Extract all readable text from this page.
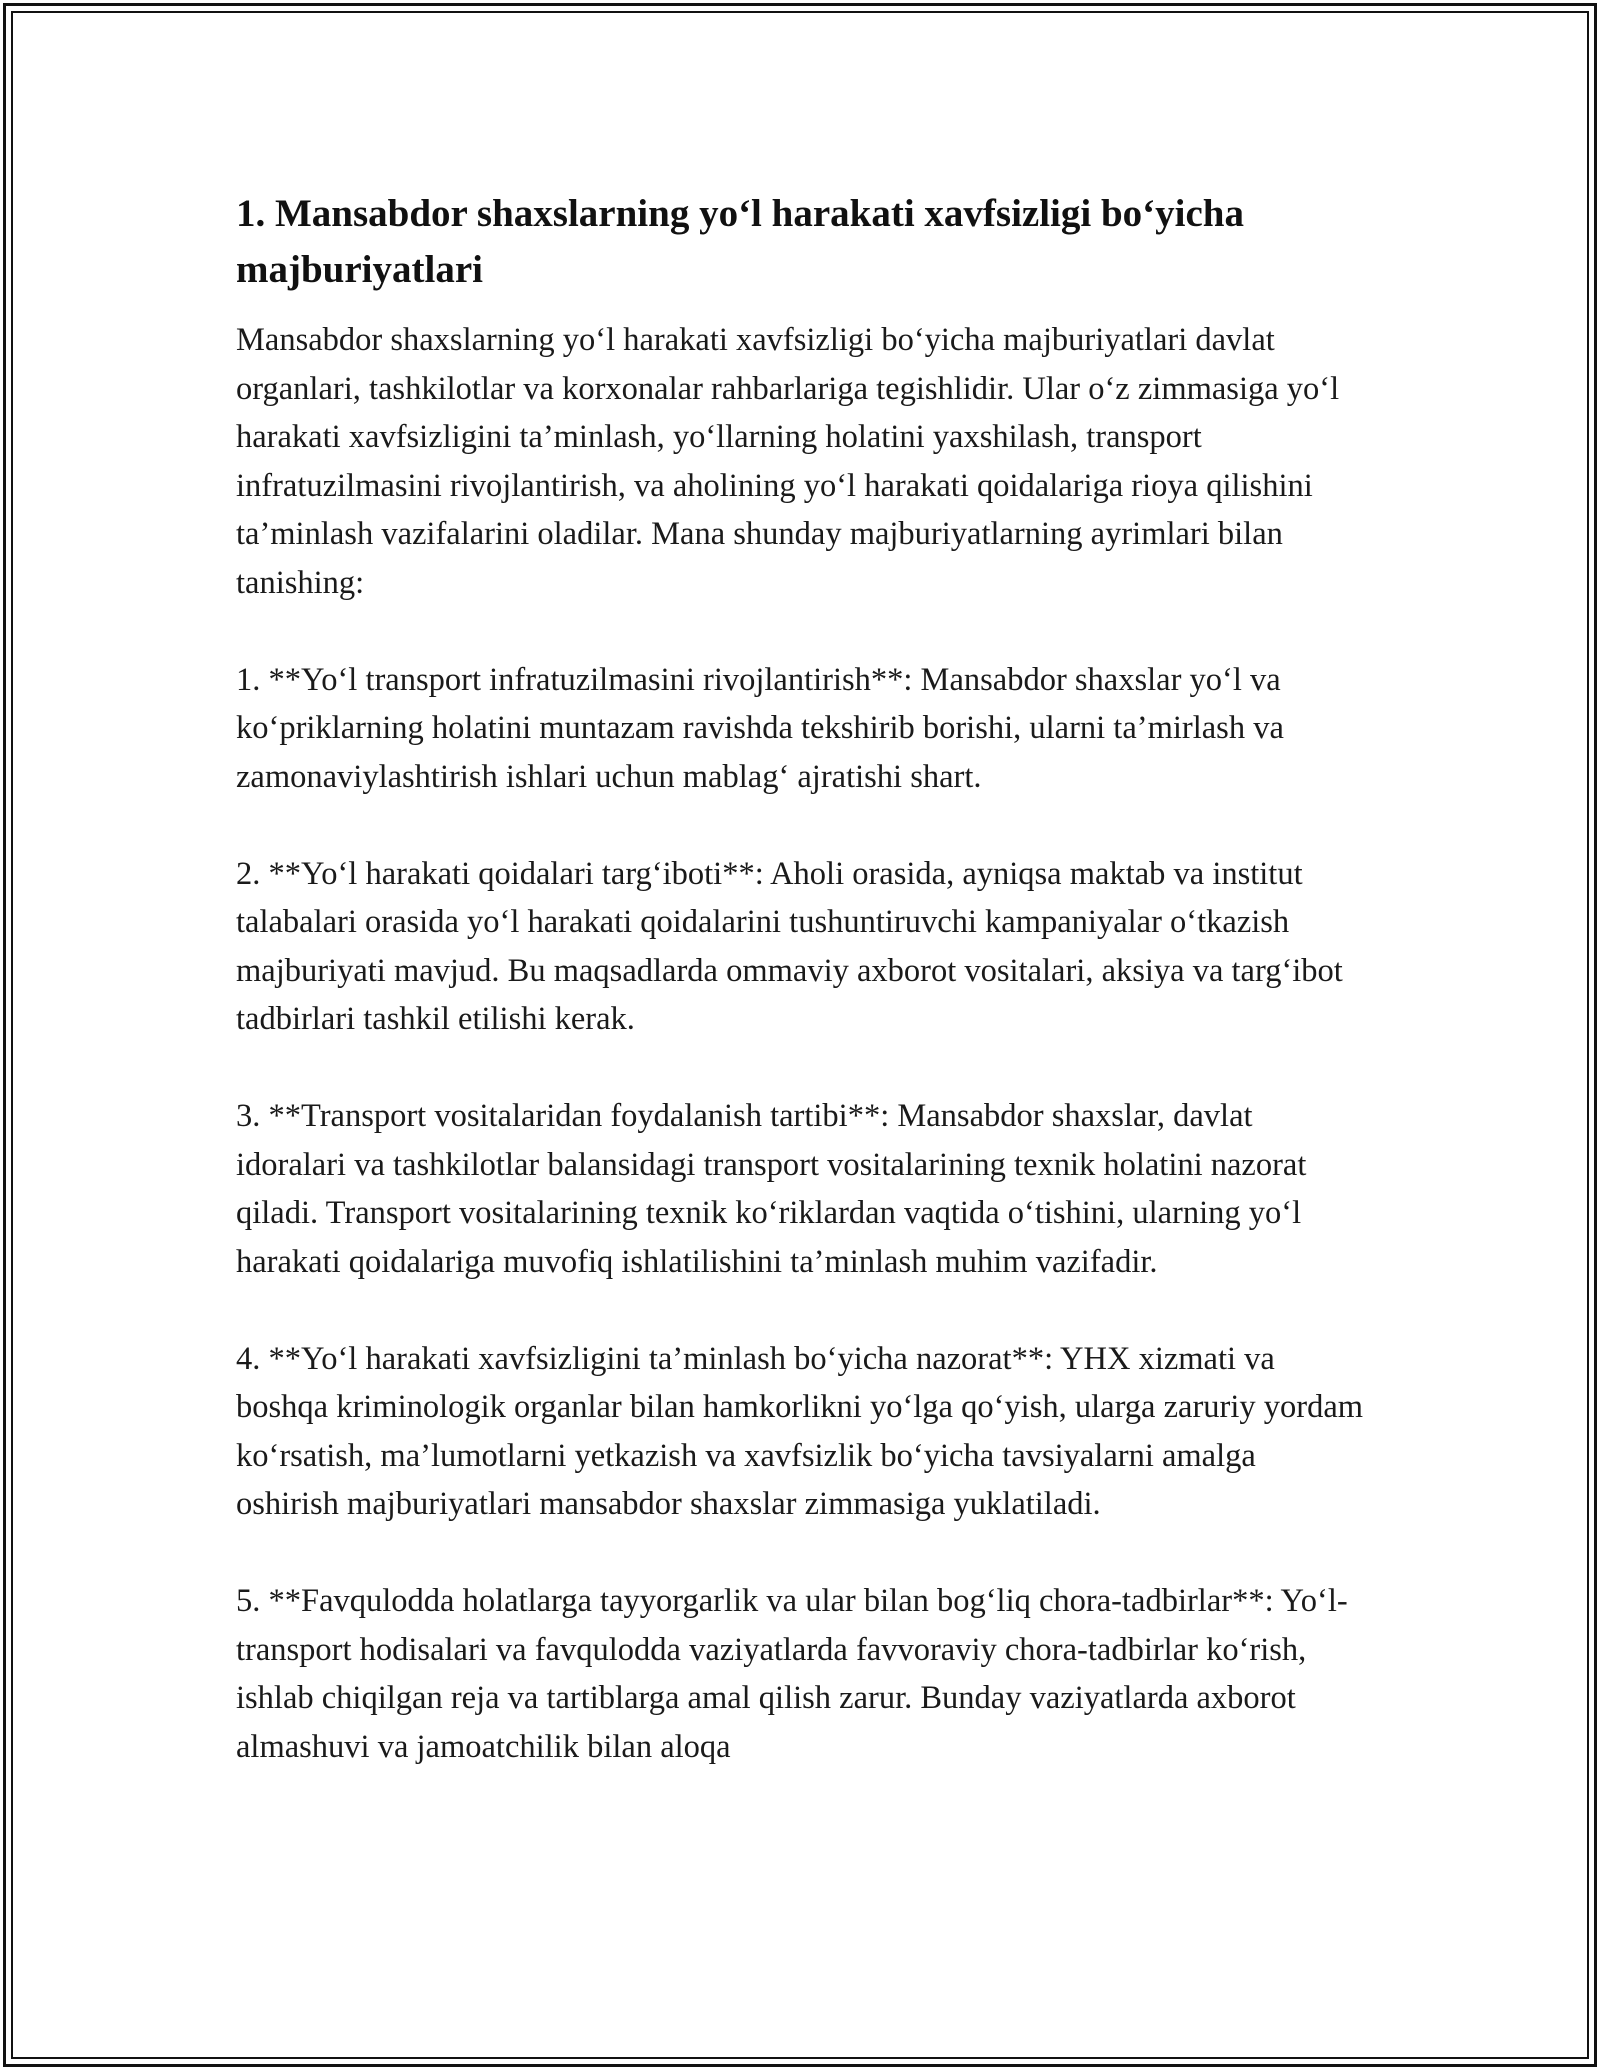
1. Mansabdor shaxslarning yo‘l harakati xavfsizligi bo‘yicha majburiyatlari

Mansabdor shaxslarning yo‘l harakati xavfsizligi bo‘yicha majburiyatlari davlat organlari, tashkilotlar va korxonalar rahbarlariga tegishlidir. Ular o‘z zimmasiga yo‘l harakati xavfsizligini ta’minlash, yo‘llarning holatini yaxshilash, transport infratuzilmasini rivojlantirish, va aholining yo‘l harakati qoidalariga rioya qilishini ta’minlash vazifalarini oladilar. Mana shunday majburiyatlarning ayrimlari bilan tanishing:

1. **Yo‘l transport infratuzilmasini rivojlantirish**: Mansabdor shaxslar yo‘l va ko‘priklarning holatini muntazam ravishda tekshirib borishi, ularni ta’mirlash va zamonaviylashtirish ishlari uchun mablag‘ ajratishi shart.

2. **Yo‘l harakati qoidalari targ‘iboti**: Aholi orasida, ayniqsa maktab va institut talabalari orasida yo‘l harakati qoidalarini tushuntiruvchi kampaniyalar o‘tkazish majburiyati mavjud. Bu maqsadlarda ommaviy axborot vositalari, aksiya va targ‘ibot tadbirlari tashkil etilishi kerak.

3. **Transport vositalaridan foydalanish tartibi**: Mansabdor shaxslar, davlat idoralari va tashkilotlar balansidagi transport vositalarining texnik holatini nazorat qiladi. Transport vositalarining texnik ko‘riklardan vaqtida o‘tishini, ularning yo‘l harakati qoidalariga muvofiq ishlatilishini ta’minlash muhim vazifadir.

4. **Yo‘l harakati xavfsizligini ta’minlash bo‘yicha nazorat**: YHX xizmati va boshqa kriminologik organlar bilan hamkorlikni yo‘lga qo‘yish, ularga zaruriy yordam ko‘rsatish, ma’lumotlarni yetkazish va xavfsizlik bo‘yicha tavsiyalarni amalga oshirish majburiyatlari mansabdor shaxslar zimmasiga yuklatiladi.

5. **Favqulodda holatlarga tayyorgarlik va ular bilan bog‘liq chora-tadbirlar**: Yo‘l-transport hodisalari va favqulodda vaziyatlarda favvoraviy chora-tadbirlar ko‘rish, ishlab chiqilgan reja va tartiblarga amal qilish zarur. Bunday vaziyatlarda axborot almashuvi va jamoatchilik bilan aloqa
